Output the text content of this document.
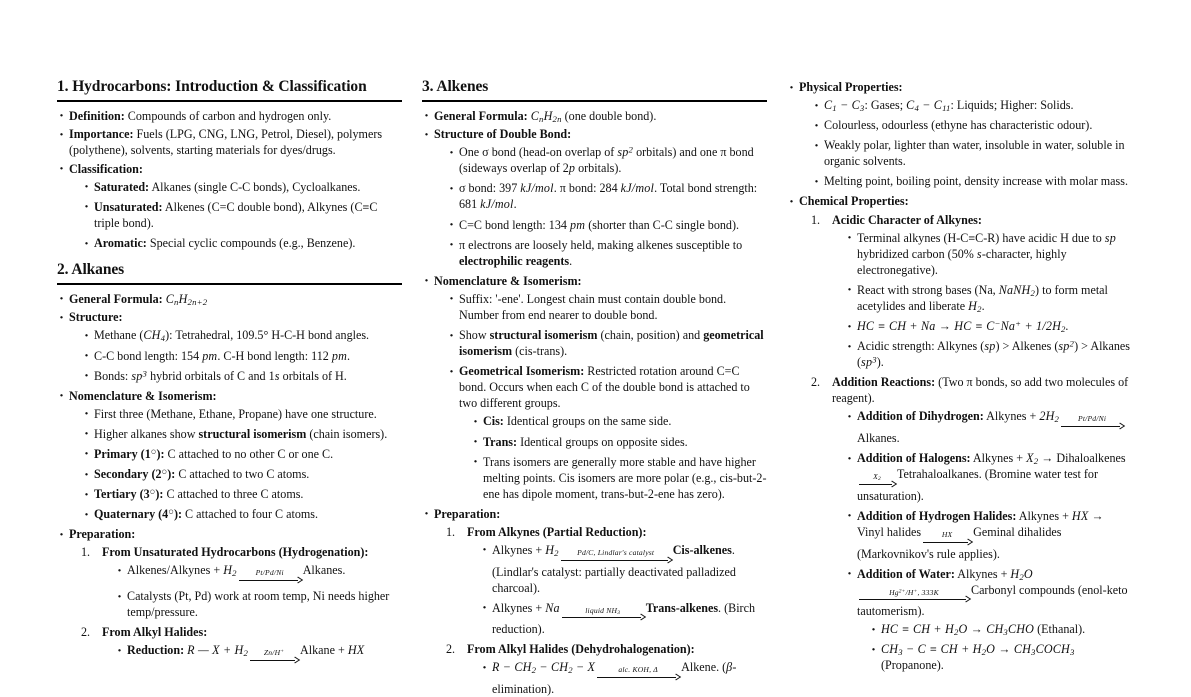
1. Hydrocarbons: Introduction & Classification
· Definition: Compounds of carbon and hydrogen only.
· Importance: Fuels (LPG, CNG, LNG, Petrol, Diesel), polymers (polythene), solvents, starting materials for dyes/drugs.
· Classification:
· Saturated: Alkanes (single C-C bonds), Cycloalkanes.
· Unsaturated: Alkenes (C=C double bond), Alkynes (C≡C triple bond).
· Aromatic: Special cyclic compounds (e.g., Benzene).
2. Alkanes
· General Formula: $C_nH_{2n+2}$
· Structure:
· Methane $(CH_4)$: Tetrahedral, 109.5° H-C-H bond angles.
· C-C bond length: 154 pm. C-H bond length: 112 pm.
· Bonds: $sp^3$ hybrid orbitals of C and 1s orbitals of H.
· Nomenclature & Isomerism:
· First three (Methane, Ethane, Propane) have one structure.
· Higher alkanes show structural isomerism (chain isomers).
· Primary (1○): C attached to no other C or one C.
· Secondary (2○): C attached to two C atoms.
· Tertiary (3○): C attached to three C atoms.
· Quaternary (4○): C attached to four C atoms.
· Preparation:
From Unsaturated Hydrocarbons (Hydrogenation):
· Alkenes/Alkynes + $H_2$	Pt/Pd/Ni	Alkanes.
· Catalysts (Pt, Pd) work at room temp, Ni needs higher temp/pressure.
From Alkyl Halides:
· Reduction: R — $X + H_2$	Zn/H+	Alkane + HX
3. Alkenes
· General Formula: $C_nH_{2n}$ (one double bond).
· Structure of Double Bond:
· One σ bond (head-on overlap of $sp^2$ orbitals) and one π bond (sideways overlap of 2p orbitals).
· σ bond: 397 kJ/mol. π bond: 284 kJ/mol. Total bond strength: 681 kJ/mol.
· C=C bond length: 134 pm (shorter than C-C single bond).
· π electrons are loosely held, making alkenes susceptible to electrophilic reagents.
· Nomenclature & Isomerism:
· Suffix: '-ene'. Longest chain must contain double bond. Number from end nearer to double bond.
· Show structural isomerism (chain, position) and geometrical isomerism (cis-trans).
· Geometrical Isomerism: Restricted rotation around C=C bond. Occurs when each C of the double bond is attached to two different groups.
· Cis: Identical groups on the same side.
· Trans: Identical groups on opposite sides.
· Trans isomers are generally more stable and have higher melting points. Cis isomers are more polar (e.g., cis-but-2-ene has dipole moment, trans-but-2-ene has zero).
· Preparation:
From Alkynes (Partial Reduction):
· Alkynes + $H_2$	Pd/C, Lindlar's catalyst	Cis-alkenes. (Lindlar's catalyst: partially deactivated palladized charcoal).
· Alkynes + Na	liquid $NH_3$	Trans-alkenes. (Birch reduction).
From Alkyl Halides (Dehydrohalogenation):
· $R - CH_2 - CH_2 - X$	alc. KOH, Δ	Alkene. (β-elimination).
· Physical Properties:
· $C_1 - C_3$: Gases; $C_4 - C_{11}$: Liquids; Higher: Solids.
· Colourless, odourless (ethyne has characteristic odour).
· Weakly polar, lighter than water, insoluble in water, soluble in organic solvents.
· Melting point, boiling point, density increase with molar mass.
· Chemical Properties:
Acidic Character of Alkynes:
· Terminal alkynes (H-C≡C-R) have acidic H due to sp hybridized carbon (50% s-character, highly electronegative).
· React with strong bases (Na, NaNH$_2$) to form metal acetylides and liberate $H_2$.
· HC ≡ CH + Na → HC ≡ $C^-Na^+ + 1/2H_2$.
· Acidic strength: Alkynes (sp) > Alkenes $(sp^2)$ > Alkanes $(sp^3)$.
Addition Reactions: (Two π bonds, so add two molecules of reagent).
· Addition of Dihydrogen: Alkynes + $2H_2$	Pt/Pd/Ni
Alkanes.
· Addition of Halogens: Alkynes + $X_2$ → Dihaloalkenes
$X_2$	Tetrahaloalkanes. (Bromine water test for unsaturation).
· Addition of Hydrogen Halides: Alkynes + HX → Vinyl halides	HX	Geminal dihalides (Markovnikov's rule applies).
· Addition of Water: Alkynes + $H_2O$
$Hg^{2+}/H^+$, 333K	Carbonyl compounds (enol-keto tautomerism).
· HC ≡ CH + $H_2O \to CH_3CHO$ (Ethanal).
· $CH_3 - C$ ≡ CH + $H_2O$ → $CH_3COCH_3$ (Propanone).
